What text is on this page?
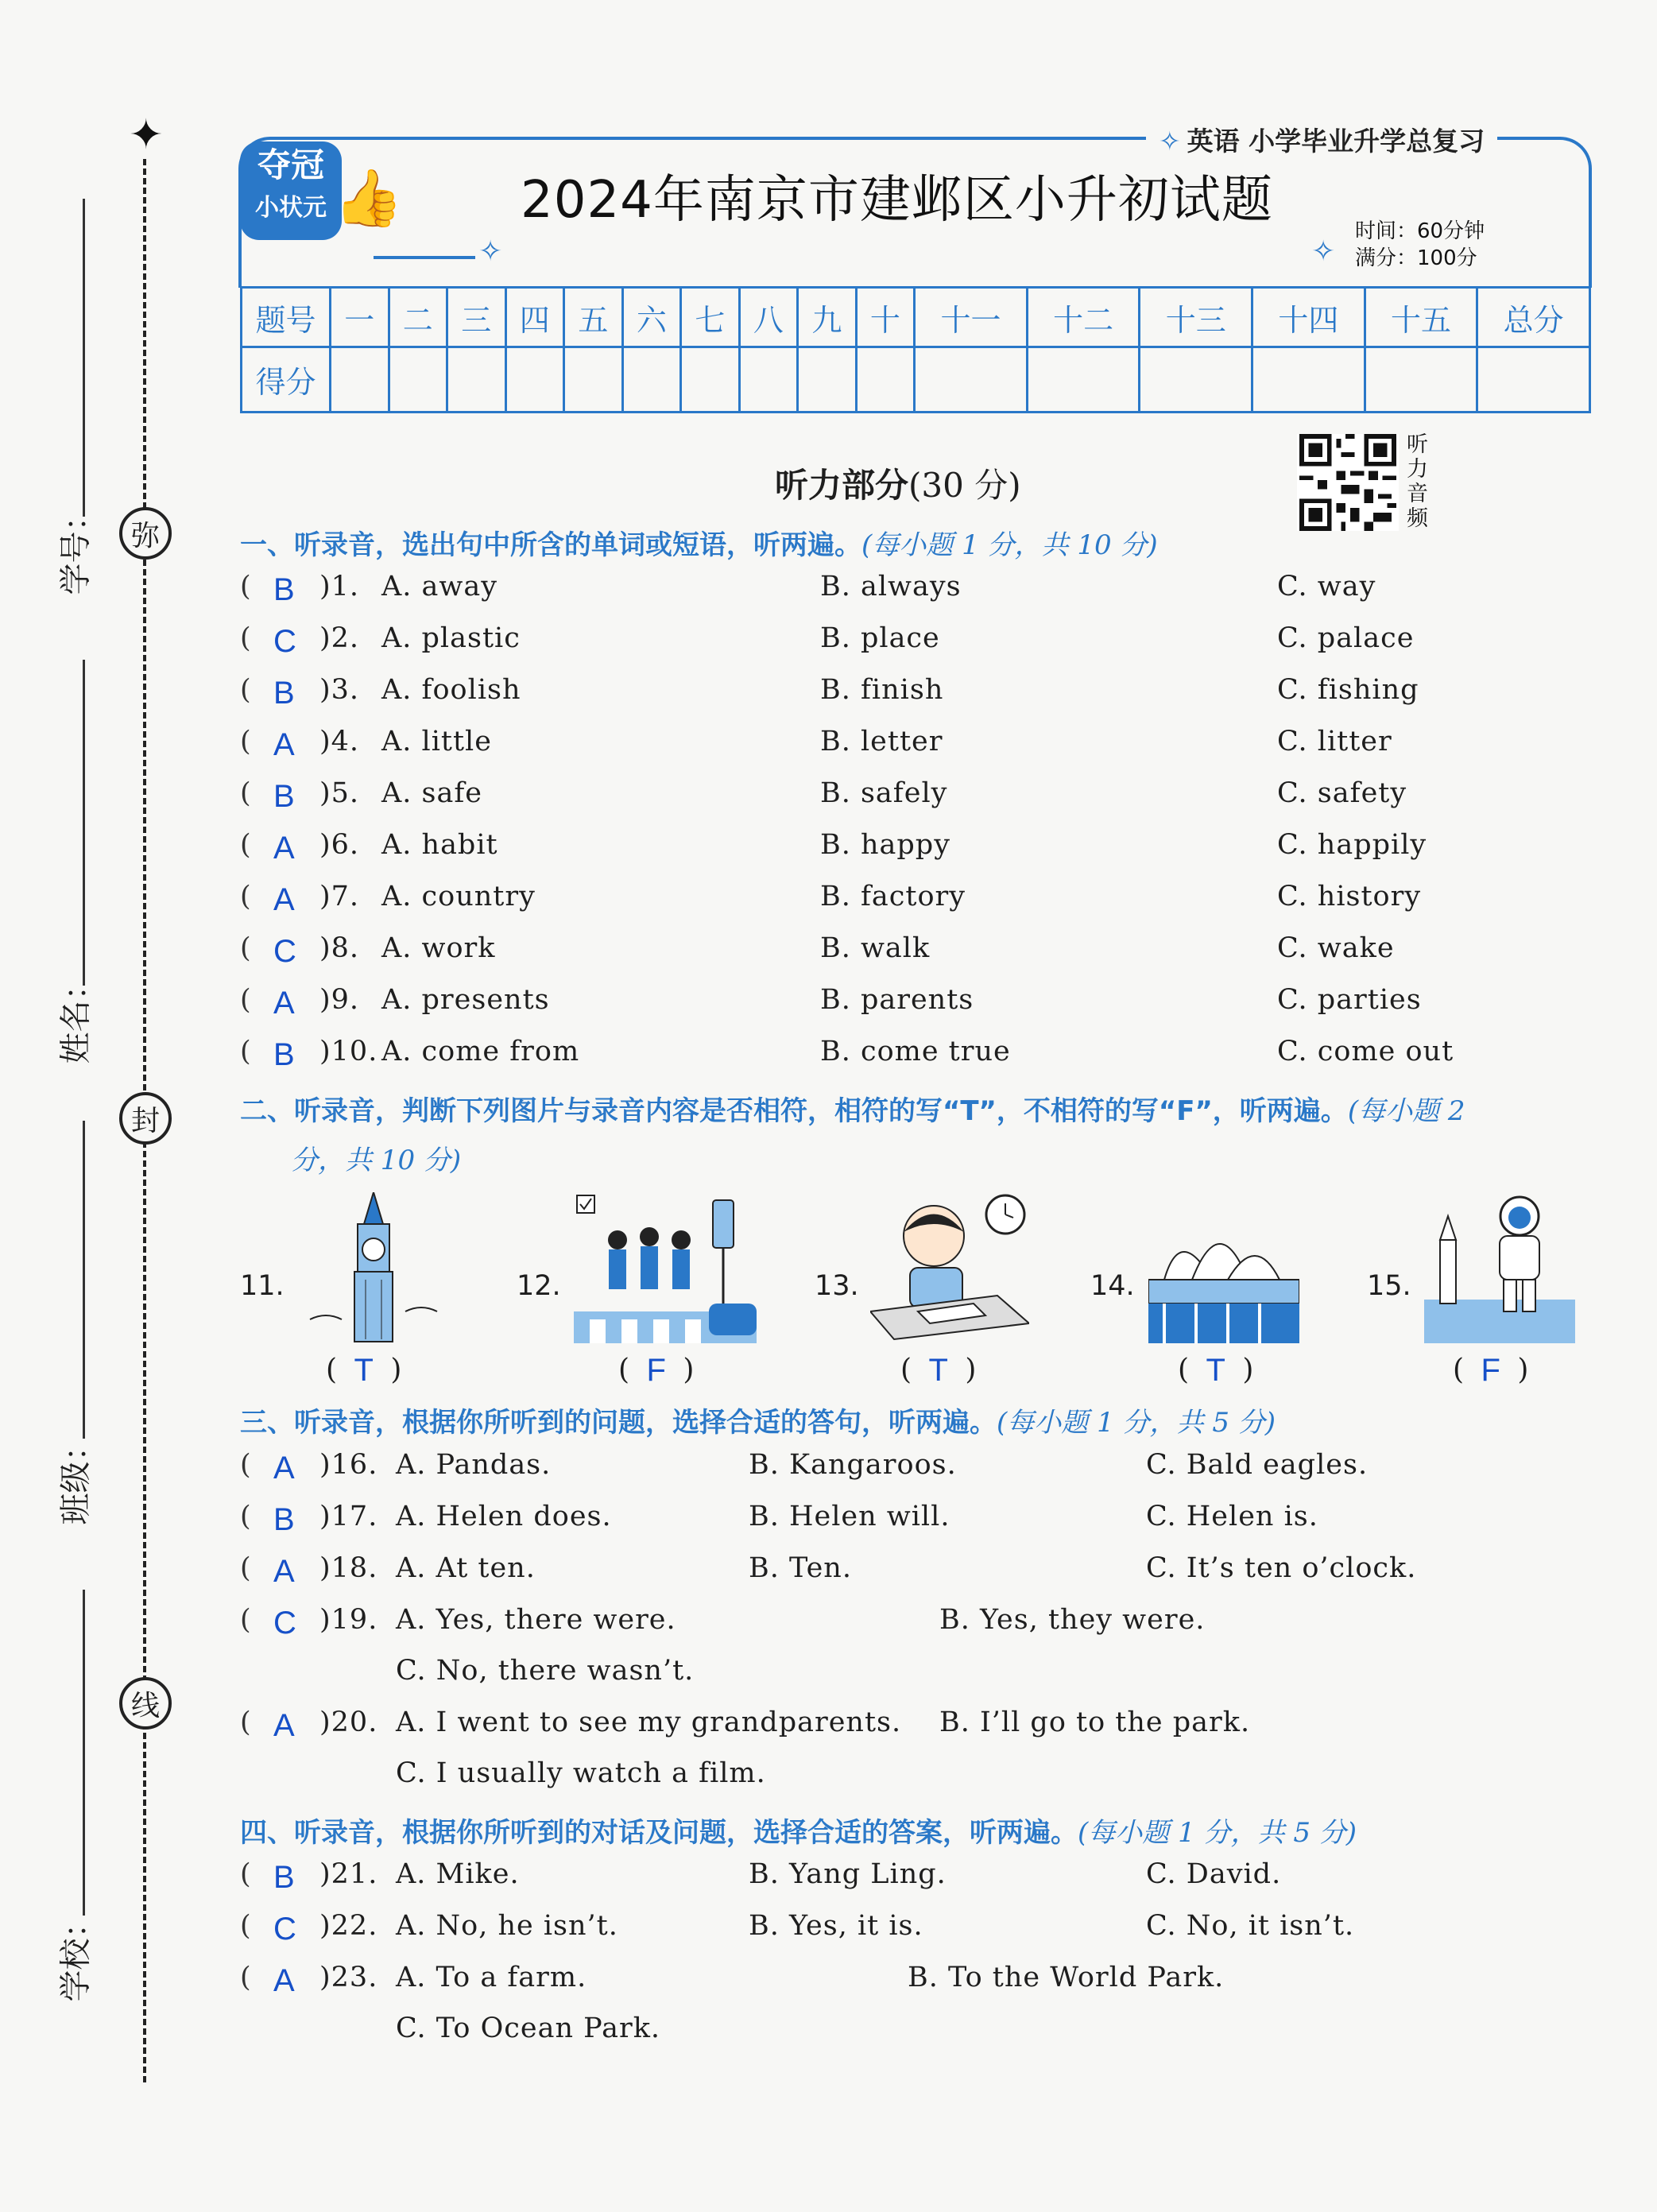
✦
弥
封
线
学号：
姓名：
班级：
学校：
✧ 英语 小学毕业升学总复习
夺冠
小状元 👍
✧
2024年南京市建邺区小升初试题
✧
时间：60分钟
满分：100分
题号	一	二	三	四	五	六	七	八	九	十	十一	十二	十三	十四	十五	总分
得分																
听力音频
听力部分(30 分)
一、听录音，选出句中所含的单词或短语，听两遍。(每小题 1 分，共 10 分)
( B )1. A. away	B. always	C. way
( C )2. A. plastic	B. place	C. palace
( B )3. A. foolish	B. finish	C. fishing
( A )4. A. little	B. letter	C. litter
( B )5. A. safe	B. safely	C. safety
( A )6. A. habit	B. happy	C. happily
( A )7. A. country	B. factory	C. history
( C )8. A. work	B. walk	C. wake
( A )9. A. presents	B. parents	C. parties
( B )10. A. come from	B. come true	C. come out
二、听录音，判断下列图片与录音内容是否相符，相符的写“T”，不相符的写“F”，听两遍。(每小题 2
分，共 10 分)
11.
( T )
12.
( F )
13.
( T )
14.
( T )
15.
( F )
三、听录音，根据你所听到的问题，选择合适的答句，听两遍。(每小题 1 分，共 5 分)
( A )16. A. Pandas.	B. Kangaroos.	C. Bald eagles.
( B )17. A. Helen does.	B. Helen will.	C. Helen is.
( A )18. A. At ten.	B. Ten.	C. It’s ten o’clock.
( C )19. A. Yes, there were.	B. Yes, they were.
C. No, there wasn’t.
( A )20. A. I went to see my grandparents. B. I’ll go to the park.
C. I usually watch a film.
四、听录音，根据你所听到的对话及问题，选择合适的答案，听两遍。(每小题 1 分，共 5 分)
( B )21. A. Mike.	B. Yang Ling.	C. David.
( C )22. A. No, he isn’t.	B. Yes, it is.	C. No, it isn’t.
( A )23. A. To a farm.	B. To the World Park.
C. To Ocean Park.
